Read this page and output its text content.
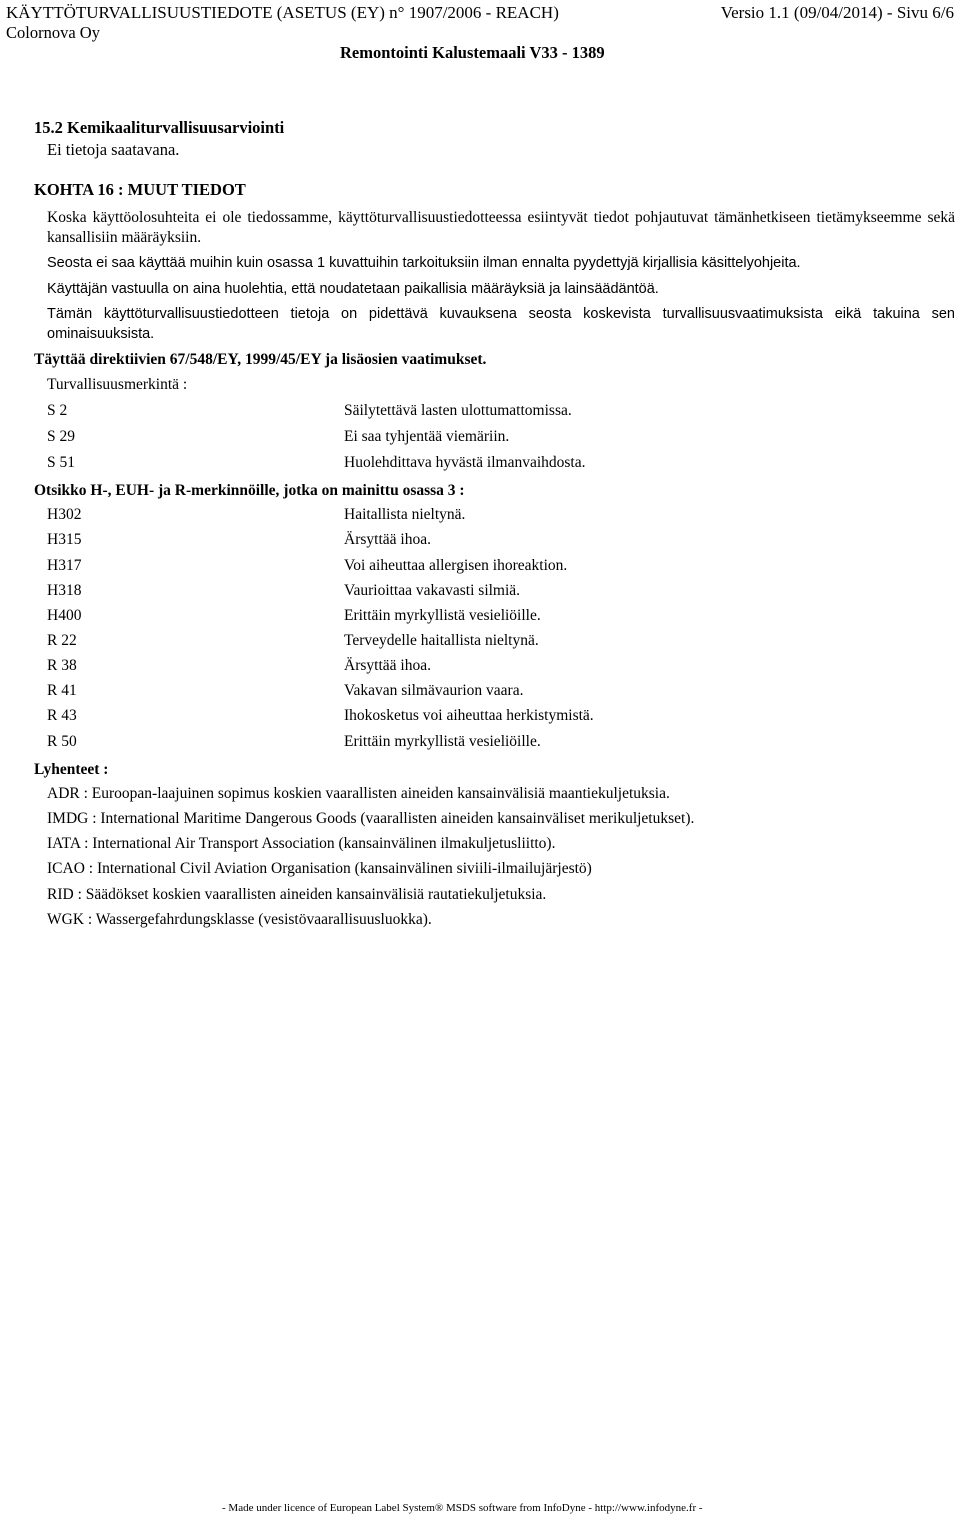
KÄYTTÖTURVALLISUUSTIEDOTE (ASETUS (EY) n° 1907/2006 - REACH)	Versio 1.1 (09/04/2014) - Sivu 6/6
Colornova Oy
Remontointi Kalustemaali V33 - 1389
15.2 Kemikaaliturvallisuusarviointi
Ei tietoja saatavana.
KOHTA 16 : MUUT TIEDOT
Koska käyttöolosuhteita ei ole tiedossamme, käyttöturvallisuustiedotteessa esiintyvät tiedot pohjautuvat tämänhetkiseen tietämykseemme sekä kansallisiin määräyksiin.
Seosta ei saa käyttää muihin kuin osassa 1 kuvattuihin tarkoituksiin ilman ennalta pyydettyjä kirjallisia käsittelyohjeita.
Käyttäjän vastuulla on aina huolehtia, että noudatetaan paikallisia määräyksiä ja lainsäädäntöä.
Tämän käyttöturvallisuustiedotteen tietoja on pidettävä kuvauksena seosta koskevista turvallisuusvaatimuksista eikä takuina sen ominaisuuksista.
Täyttää direktiivien 67/548/EY, 1999/45/EY ja lisäosien vaatimukset.
Turvallisuusmerkintä :
S 2	Säilytettävä lasten ulottumattomissa.
S 29	Ei saa tyhjentää viemäriin.
S 51	Huolehdittava hyvästä ilmanvaihdosta.
Otsikko H-, EUH- ja R-merkinnöille, jotka on mainittu osassa 3 :
H302	Haitallista nieltynä.
H315	Ärsyttää ihoa.
H317	Voi aiheuttaa allergisen ihoreaktion.
H318	Vaurioittaa vakavasti silmiä.
H400	Erittäin myrkyllistä vesieliöille.
R 22	Terveydelle haitallista nieltynä.
R 38	Ärsyttää ihoa.
R 41	Vakavan silmävaurion vaara.
R 43	Ihokosketus voi aiheuttaa herkistymistä.
R 50	Erittäin myrkyllistä vesieliöille.
Lyhenteet :
ADR : Euroopan-laajuinen sopimus koskien vaarallisten aineiden kansainvälisiä maantiekuljetuksia.
IMDG : International Maritime Dangerous Goods (vaarallisten aineiden kansainväliset merikuljetukset).
IATA : International Air Transport Association (kansainvälinen ilmakuljetusliitto).
ICAO : International Civil Aviation Organisation (kansainvälinen siviili-ilmailujärjestö)
RID : Säädökset koskien vaarallisten aineiden kansainvälisiä rautatiekuljetuksia.
WGK : Wassergefahrdungsklasse (vesistövaarallisuusluokka).
- Made under licence of European Label System® MSDS software from InfoDyne - http://www.infodyne.fr -
